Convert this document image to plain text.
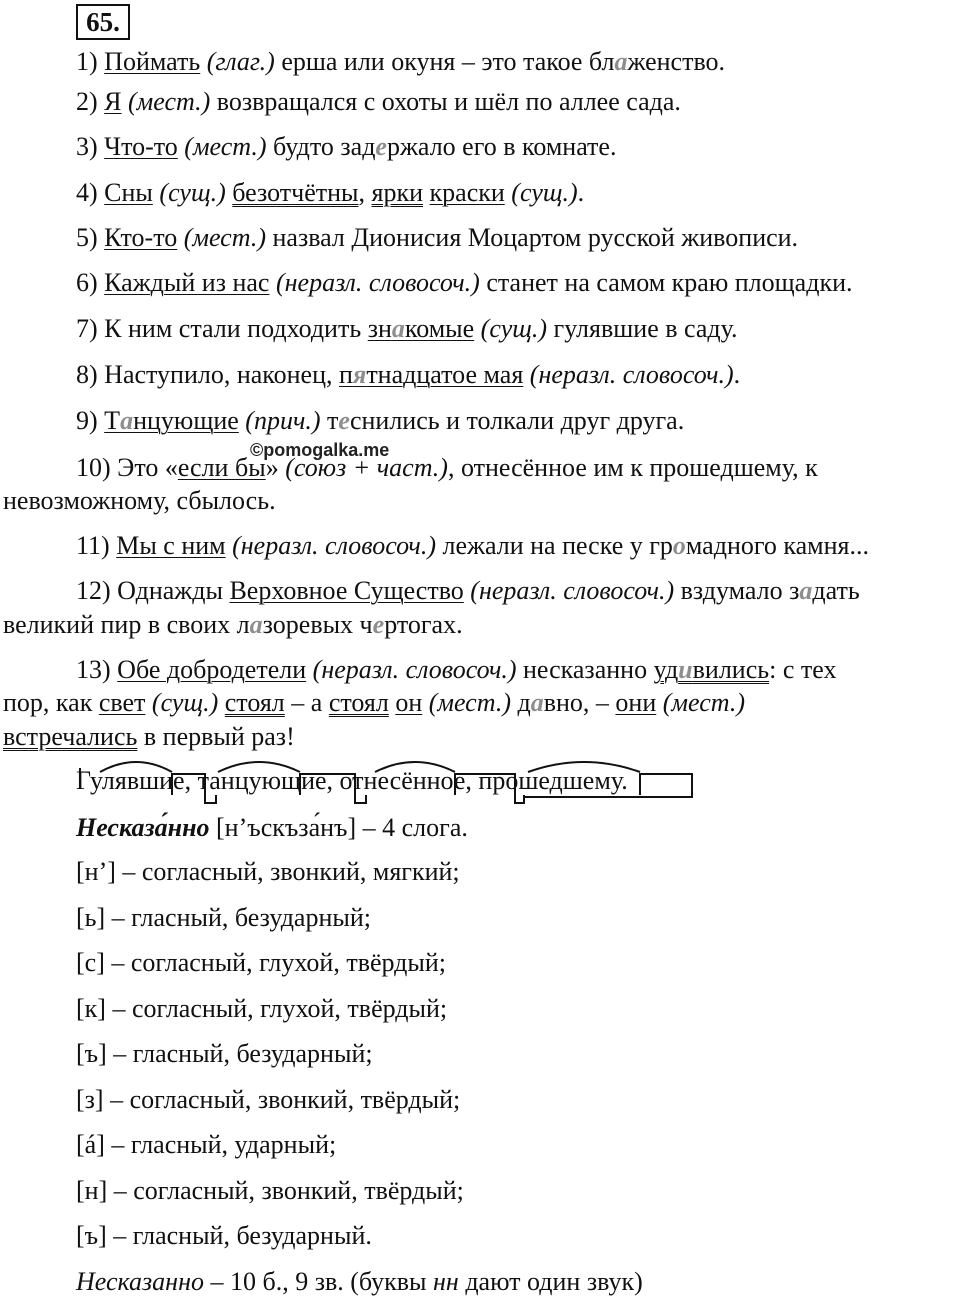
65.
1) Поймать (глаг.) ерша или окуня – это такое блаженство.
2) Я (мест.) возвращался с охоты и шёл по аллее сада.
3) Что-то (мест.) будто задержало его в комнате.
4) Сны (сущ.) безотчётны, ярки краски (сущ.).
5) Кто-то (мест.) назвал Дионисия Моцартом русской живописи.
6) Каждый из нас (неразл. словосоч.) станет на самом краю площадки.
7) К ним стали подходить знакомые (сущ.) гулявшие в саду.
8) Наступило, наконец, пятнадцатое мая (неразл. словосоч.).
9) Танцующие (прич.) теснились и толкали друг друга.
©pomogalka.me
10) Это «если бы» (союз + част.), отнесённое им к прошедшему, к
невозможному, сбылось.
11) Мы с ним (неразл. словосоч.) лежали на песке у громадного камня...
12) Однажды Верховное Существо (неразл. словосоч.) вздумало задать
великий пир в своих лазоревых чертогах.
13) Обе добродетели (неразл. словосоч.) несказанно удивились: с тех
пор, как свет (сущ.) стоял – а стоял он (мест.) давно, – они (мест.)
встречались в первый раз!
Гулявшие, танцующие, отнесённое, прошедшему.
Несказа́нно [н’ъскъза́нъ] – 4 слога.
[н’] – согласный, звонкий, мягкий;
[ь] – гласный, безударный;
[с] – согласный, глухой, твёрдый;
[к] – согласный, глухой, твёрдый;
[ъ] – гласный, безударный;
[з] – согласный, звонкий, твёрдый;
[á] – гласный, ударный;
[н] – согласный, звонкий, твёрдый;
[ъ] – гласный, безударный.
Несказанно – 10 б., 9 зв. (буквы нн дают один звук)
